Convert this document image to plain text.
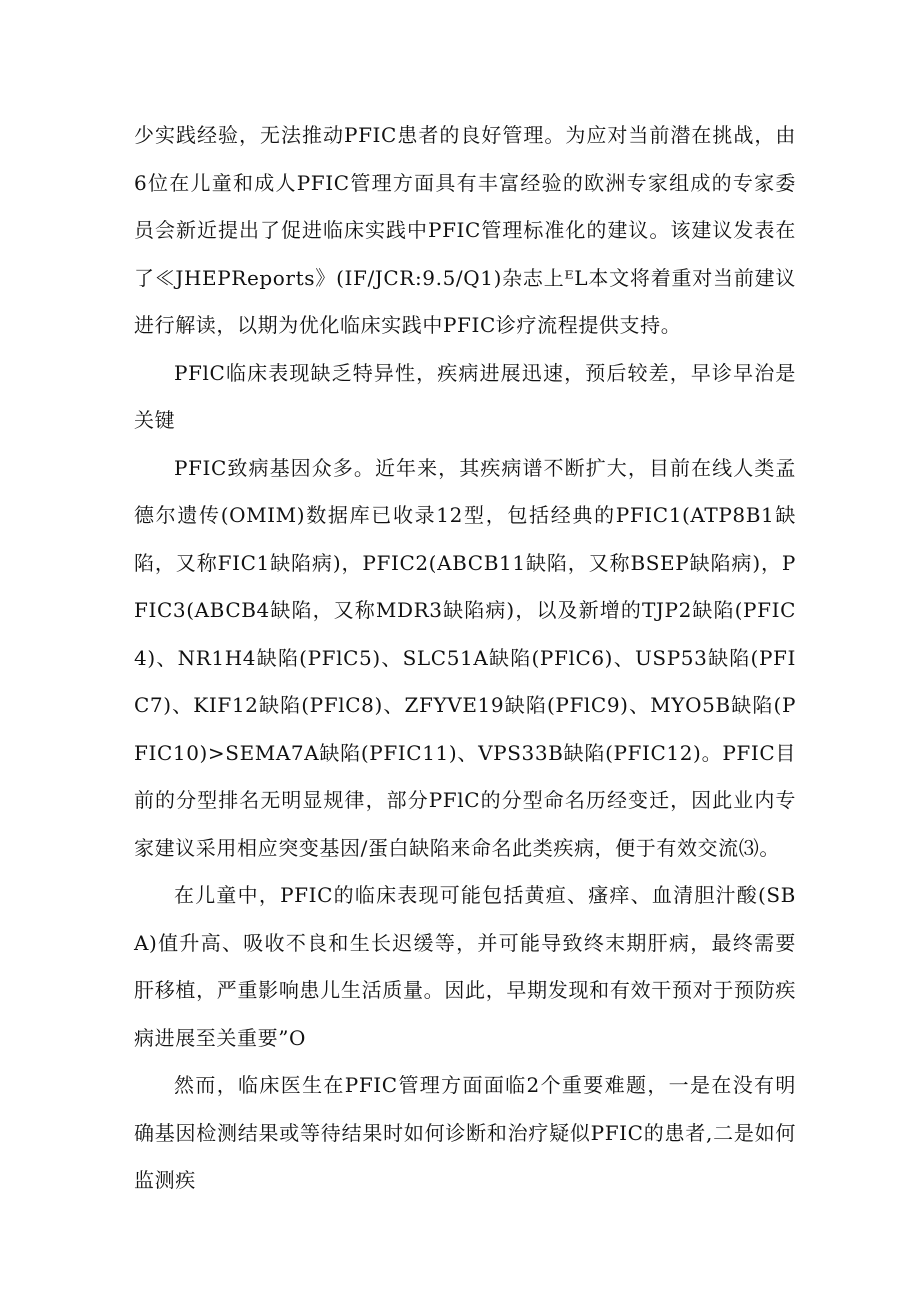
少实践经验，无法推动PFIC患者的良好管理。为应对当前潜在挑战，由6位在儿童和成人PFIC管理方面具有丰富经验的欧洲专家组成的专家委员会新近提出了促进临床实践中PFIC管理标准化的建议。该建议发表在了≪JHEPReports》(IF/JCR:9.5/Q1)杂志上ᴱL本文将着重对当前建议进行解读，以期为优化临床实践中PFIC诊疗流程提供支持。

PFlC临床表现缺乏特异性，疾病进展迅速，预后较差，早诊早治是关键

PFIC致病基因众多。近年来，其疾病谱不断扩大，目前在线人类孟德尔遗传(OMIM)数据库已收录12型，包括经典的PFIC1(ATP8B1缺陷，又称FIC1缺陷病)，PFIC2(ABCB11缺陷，又称BSEP缺陷病)，PFIC3(ABCB4缺陷，又称MDR3缺陷病)，以及新增的TJP2缺陷(PFIC4)、NR1H4缺陷(PFlC5)、SLC51A缺陷(PFlC6)、USP53缺陷(PFIC7)、KIF12缺陷(PFlC8)、ZFYVE19缺陷(PFlC9)、MYO5B缺陷(PFIC10)>SEMA7A缺陷(PFIC11)、VPS33B缺陷(PFIC12)。PFIC目前的分型排名无明显规律，部分PFlC的分型命名历经变迁，因此业内专家建议采用相应突变基因/蛋白缺陷来命名此类疾病，便于有效交流⑶。

在儿童中，PFIC的临床表现可能包括黄疸、瘙痒、血清胆汁酸(SBA)值升高、吸收不良和生长迟缓等，并可能导致终末期肝病，最终需要肝移植，严重影响患儿生活质量。因此，早期发现和有效干预对于预防疾病进展至关重要”O

然而，临床医生在PFIC管理方面面临2个重要难题，一是在没有明确基因检测结果或等待结果时如何诊断和治疗疑似PFIC的患者,二是如何监测疾
